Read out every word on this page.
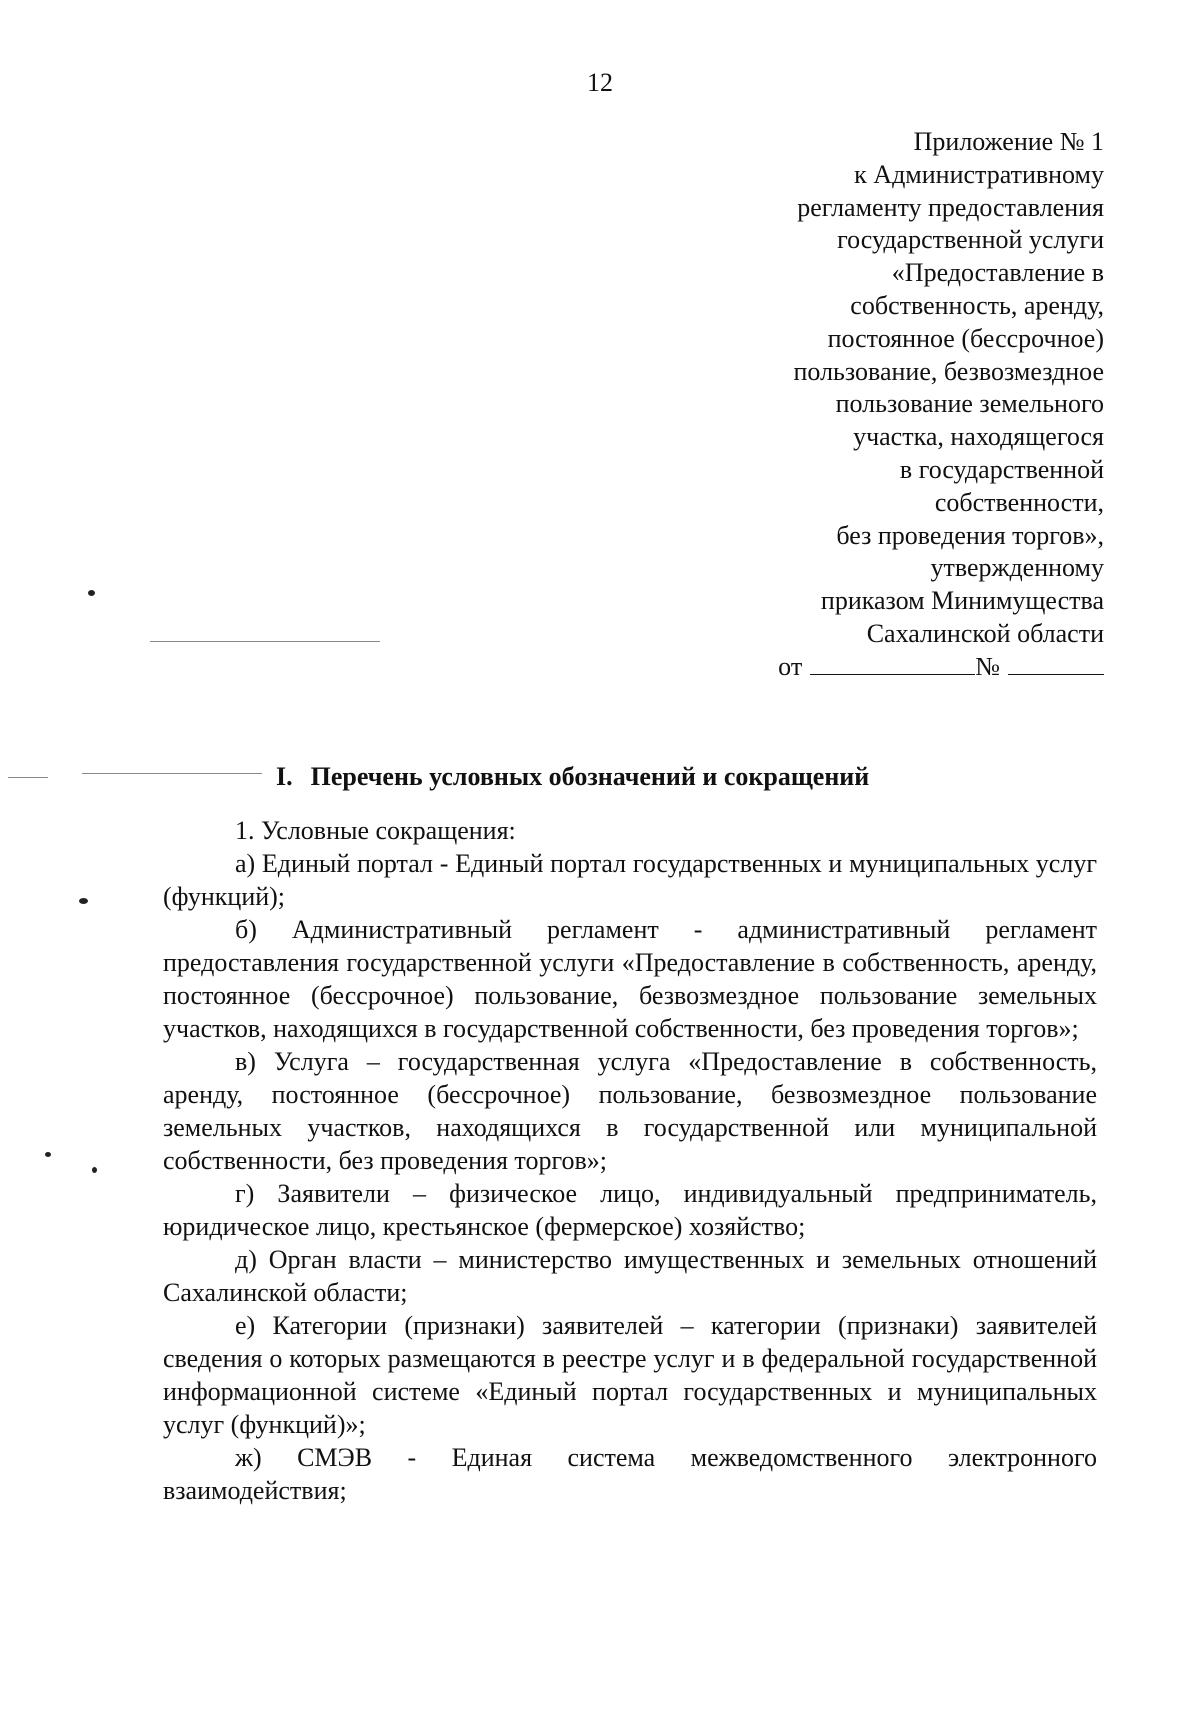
12
Приложение № 1
к Административному
регламенту предоставления
государственной услуги
«Предоставление в
собственность, аренду,
постоянное (бессрочное)
пользование, безвозмездное
пользование земельного
участка, находящегося
в государственной
собственности,
без проведения торгов»,
утвержденному
приказом Минимущества
Сахалинской области
от	№
I. Перечень условных обозначений и сокращений

1. Условные сокращения:

а) Единый портал - Единый портал государственных и муниципальных услуг (функций);

б) Административный регламент - административный регламент предоставления государственной услуги «Предоставление в собственность, аренду, постоянное (бессрочное) пользование, безвозмездное пользование земельных участков, находящихся в государственной собственности, без проведения торгов»;

в) Услуга – государственная услуга «Предоставление в собственность, аренду, постоянное (бессрочное) пользование, безвозмездное пользование земельных участков, находящихся в государственной или муниципальной собственности, без проведения торгов»;

г) Заявители – физическое лицо, индивидуальный предприниматель, юридическое лицо, крестьянское (фермерское) хозяйство;

д) Орган власти – министерство имущественных и земельных отношений Сахалинской области;

е) Категории (признаки) заявителей – категории (признаки) заявителей сведения о которых размещаются в реестре услуг и в федеральной государственной информационной системе «Единый портал государственных и муниципальных услуг (функций)»;

ж) СМЭВ - Единая система межведомственного электронного взаимодействия;
